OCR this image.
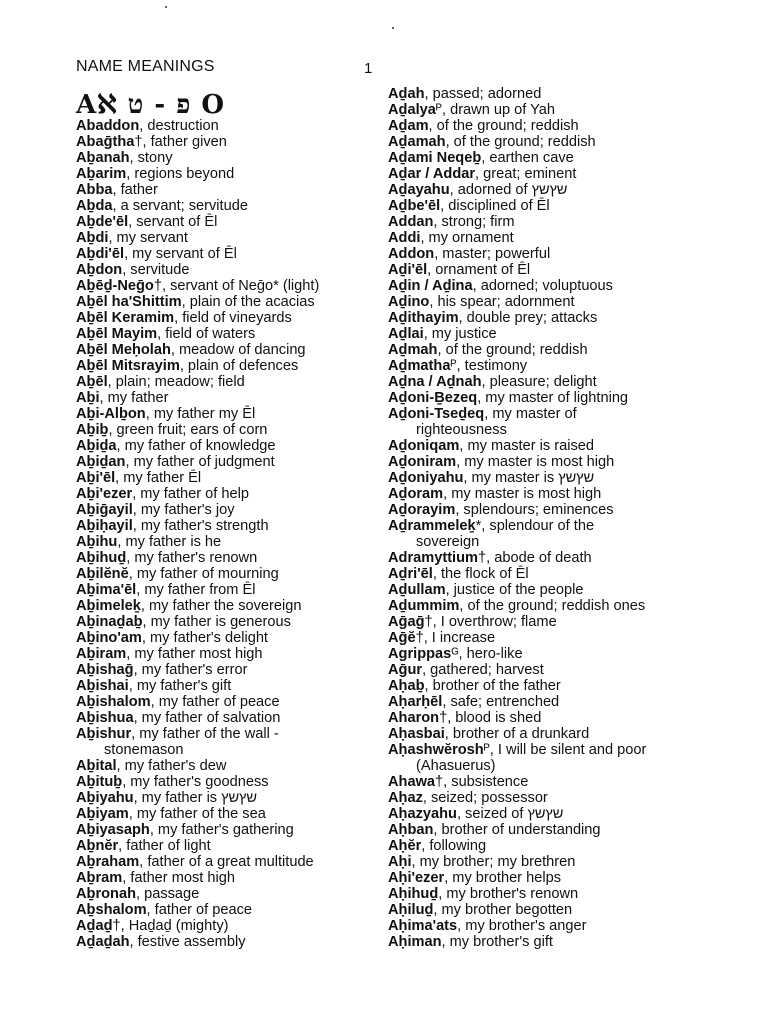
NAME MEANINGS	1
Aℵ פ - ט O
Abaddon, destruction
Abaḡtha†, father given
Aḇanah, stony
Aḇarim, regions beyond
Abba, father
Aḇda, a servant; servitude
Aḇde'ēl, servant of Ēl
Aḇdi, my servant
Aḇdi'ēl, my servant of Ēl
Aḇdon, servitude
Aḇēḏ-Neḡo†, servant of Neḡo* (light)
Aḇēl ha'Shittim, plain of the acacias
Aḇēl Keramim, field of vineyards
Aḇēl Mayim, field of waters
Aḇēl Meḥolah, meadow of dancing
Aḇēl Mitsrayim, plain of defences
Aḇēl, plain; meadow; field
Aḇi, my father
Aḇi-Alḇon, my father my Ēl
Aḇiḇ, green fruit; ears of corn
Aḇiḏa, my father of knowledge
Aḇiḏan, my father of judgment
Aḇi'ēl, my father Ēl
Aḇi'ezer, my father of help
Aḇiḡayil, my father's joy
Aḇiḥayil, my father's strength
Aḇihu, my father is he
Aḇihuḏ, my father's renown
Aḇilĕnĕ, my father of mourning
Aḇima'ēl, my father from Ēl
Aḇimeleḵ, my father the sovereign
Aḇinaḏaḇ, my father is generous
Aḇino'am, my father's delight
Aḇiram, my father most high
Aḇishaḡ, my father's error
Aḇishai, my father's gift
Aḇishalom, my father of peace
Aḇishua, my father of salvation
Aḇishur, my father of the wall -
stonemason
Aḇital, my father's dew
Aḇituḇ, my father's goodness
Aḇiyahu, my father is שץשץ
Aḇiyam, my father of the sea
Aḇiyasaph, my father's gathering
Aḇnĕr, father of light
Aḇraham, father of a great multitude
Aḇram, father most high
Aḇronah, passage
Aḇshalom, father of peace
Aḏaḏ†, Haḏaḏ (mighty)
Aḏaḏah, festive assembly
Aḏah, passed; adorned
Aḏalyaᴾ, drawn up of Yah
Aḏam, of the ground; reddish
Aḏamah, of the ground; reddish
Aḏami Neqeḇ, earthen cave
Aḏar / Addar, great; eminent
Aḏayahu, adorned of שץשץ
Aḏbe'ēl, disciplined of Ēl
Addan, strong; firm
Addi, my ornament
Addon, master; powerful
Aḏi'ēl, ornament of Ēl
Aḏin / Aḏina, adorned; voluptuous
Aḏino, his spear; adornment
Aḏithayim, double prey; attacks
Aḏlai, my justice
Aḏmah, of the ground; reddish
Aḏmathaᴾ, testimony
Aḏna / Aḏnah, pleasure; delight
Aḏoni-Ḇezeq, my master of lightning
Aḏoni-Tseḏeq, my master of
righteousness
Aḏoniqam, my master is raised
Aḏoniram, my master is most high
Aḏoniyahu, my master is שץשץ
Aḏoram, my master is most high
Aḏorayim, splendours; eminences
Aḏrammeleḵ*, splendour of the
sovereign
Adramyttium†, abode of death
Aḏri'ēl, the flock of Ēl
Aḏullam, justice of the people
Aḏummim, of the ground; reddish ones
Aḡaḡ†, I overthrow; flame
Aḡĕ†, I increase
Agrippasᴳ, hero-like
Aḡur, gathered; harvest
Aḥaḇ, brother of the father
Aḥarḥēl, safe; entrenched
Aharon†, blood is shed
Aḥasbai, brother of a drunkard
Aḥashwĕroshᴾ, I will be silent and poor
(Ahasuerus)
Ahawa†, subsistence
Aḥaz, seized; possessor
Aḥazyahu, seized of שץשץ
Aḥban, brother of understanding
Aḥĕr, following
Aḥi, my brother; my brethren
Aḥi'ezer, my brother helps
Aḥihuḏ, my brother's renown
Aḥiluḏ, my brother begotten
Aḥima'ats, my brother's anger
Aḥiman, my brother's gift
